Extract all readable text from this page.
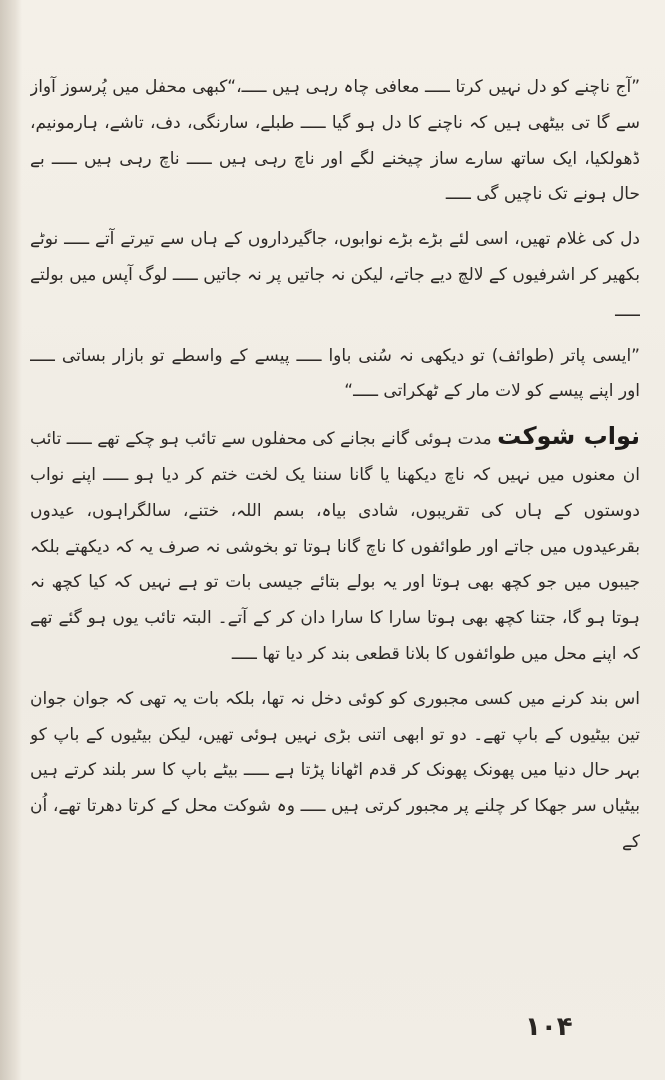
”آج ناچنے کو دل نہیں کرتا ـــــ معافی چاہ رہی ہیں ـــــ،“کبھی محفل میں پُرسوز آواز سے گا تی بیٹھی ہیں کہ ناچنے کا دل ہو گیا ـــــ طبلے، سارنگی، دف، تاشے، ہارمونیم، ڈھولکیا، ایک ساتھ سارے ساز چیخنے لگے اور ناچ رہی ہیں ـــــ ناچ رہی ہیں ـــــ بے حال ہونے تک ناچیں گی ـــــ

دل کی غلام تھیں، اسی لئے بڑے بڑے نوابوں، جاگیرداروں کے ہاں سے تیرتے آتے ـــــ نوٹے بکھیر کر اشرفیوں کے لالچ دیے جاتے، لیکن نہ جاتیں پر نہ جاتیں ـــــ لوگ آپس میں بولتے ـــــ

”ایسی پاتر (طوائف) تو دیکھی نہ سُنی باوا ـــــ پیسے کے واسطے تو بازار بساتی ـــــ اور اپنے پیسے کو لات مار کے ٹھکراتی ـــــ“

نواب شوکت مدت ہوئی گانے بجانے کی محفلوں سے تائب ہو چکے تھے ـــــ تائب ان معنوں میں نہیں کہ ناچ دیکھنا یا گانا سننا یک لخت ختم کر دیا ہو ـــــ اپنے نواب دوستوں کے ہاں کی تقریبوں، شادی بیاہ، بسم اللہ، ختنے، سالگراہوں، عیدوں بقرعیدوں میں جاتے اور طوائفوں کا ناچ گانا ہوتا تو بخوشی نہ صرف یہ کہ دیکھتے بلکہ جیبوں میں جو کچھ بھی ہوتا اور یہ بولے بتائے جیسی بات تو ہے نہیں کہ کیا کچھ نہ ہوتا ہو گا، جتنا کچھ بھی ہوتا سارا کا سارا دان کر کے آتے۔ البتہ تائب یوں ہو گئے تھے کہ اپنے محل میں طوائفوں کا بلانا قطعی بند کر دیا تھا ـــــ

اس بند کرنے میں کسی مجبوری کو کوئی دخل نہ تھا، بلکہ بات یہ تھی کہ جوان جوان تین بیٹیوں کے باپ تھے۔ دو تو ابھی اتنی بڑی نہیں ہوئی تھیں، لیکن بیٹیوں کے باپ کو بہر حال دنیا میں پھونک پھونک کر قدم اٹھانا پڑتا ہے ـــــ بیٹے باپ کا سر بلند کرتے ہیں بیٹیاں سر جھکا کر چلنے پر مجبور کرتی ہیں ـــــ وہ شوکت محل کے کرتا دھرتا تھے، اُن کے

۱۰۴
